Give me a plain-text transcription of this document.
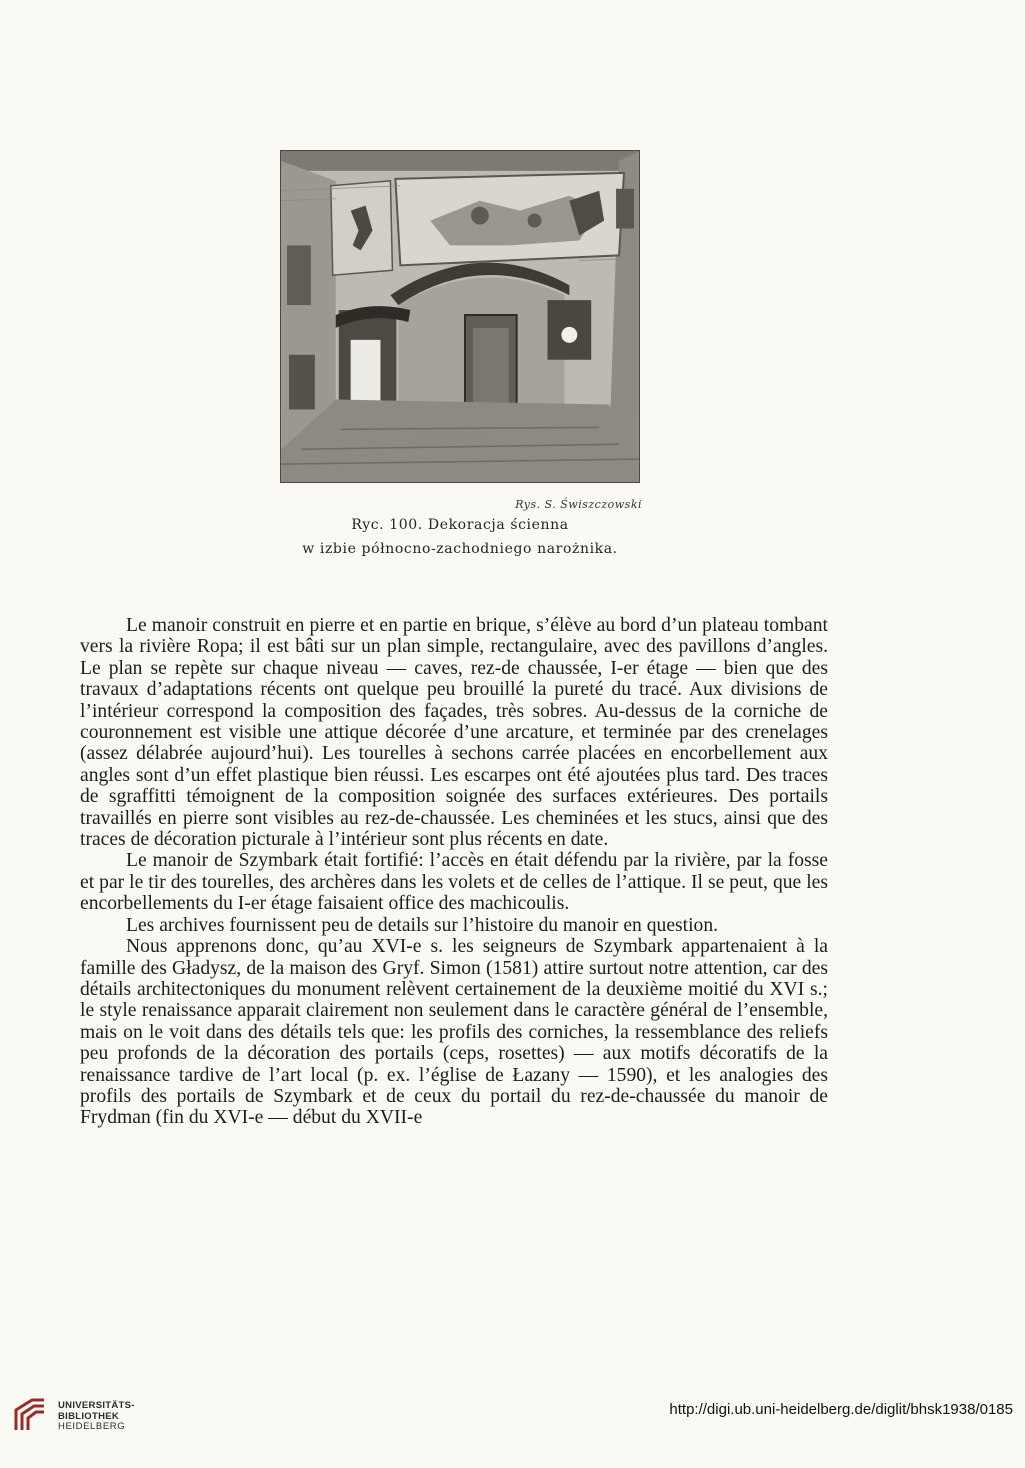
Rys. S. Świszczowski
Ryc. 100. Dekoracja ścienna
w izbie północno-zachodniego narożnika.

Le manoir construit en pierre et en partie en brique, s’élève au bord d’un plateau tombant vers la rivière Ropa; il est bâti sur un plan simple, rectangulaire, avec des pavillons d’angles. Le plan se repète sur chaque niveau — caves, rez-de chaussée, I-er étage — bien que des travaux d’adaptations récents ont quelque peu brouillé la pureté du tracé. Aux divisions de l’intérieur correspond la composition des façades, très sobres. Au-dessus de la corniche de couronnement est visible une attique décorée d’une arcature, et terminée par des crenelages (assez délabrée aujourd’hui). Les tourelles à sechons carrée placées en encorbellement aux angles sont d’un effet plastique bien réussi. Les escarpes ont été ajoutées plus tard. Des traces de sgraffitti témoignent de la composition soignée des surfaces extérieures. Des portails travaillés en pierre sont visibles au rez-de-chaussée. Les cheminées et les stucs, ainsi que des traces de décoration picturale à l’intérieur sont plus récents en date.

Le manoir de Szymbark était fortifié: l’accès en était défendu par la rivière, par la fosse et par le tir des tourelles, des archères dans les volets et de celles de l’attique. Il se peut, que les encorbellements du I-er étage faisaient office des machicoulis.

Les archives fournissent peu de details sur l’histoire du manoir en question.

Nous apprenons donc, qu’au XVI-e s. les seigneurs de Szymbark appartenaient à la famille des Gładysz, de la maison des Gryf. Simon (1581) attire surtout notre attention, car des détails architectoniques du monument relèvent certainement de la deuxième moitié du XVI s.; le style renaissance apparait clairement non seulement dans le caractère général de l’ensemble, mais on le voit dans des détails tels que: les profils des corniches, la ressemblance des reliefs peu profonds de la décoration des portails (ceps, rosettes) — aux motifs décoratifs de la renaissance tardive de l’art local (p. ex. l’église de Łazany — 1590), et les analogies des profils des portails de Szymbark et de ceux du portail du rez-de-chaussée du manoir de Frydman (fin du XVI-e — début du XVII-e

UNIVERSITÄTS-
BIBLIOTHEK
HEIDELBERG
http://digi.ub.uni-heidelberg.de/diglit/bhsk1938/0185
